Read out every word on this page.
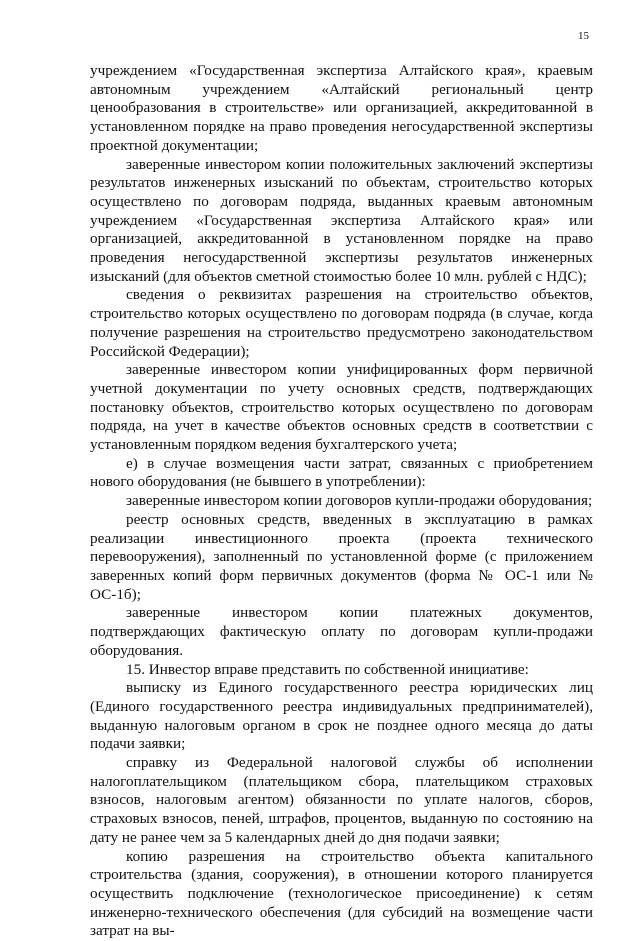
15

учреждением «Государственная экспертиза Алтайского края», краевым автономным учреждением «Алтайский региональный центр ценообразования в строительстве» или организацией, аккредитованной в установленном порядке на право проведения негосударственной экспертизы проектной документации;

заверенные инвестором копии положительных заключений экспертизы результатов инженерных изысканий по объектам, строительство которых осуществлено по договорам подряда, выданных краевым автономным учреждением «Государственная экспертиза Алтайского края» или организацией, аккредитованной в установленном порядке на право проведения негосударственной экспертизы результатов инженерных изысканий (для объектов сметной стоимостью более 10 млн. рублей с НДС);

сведения о реквизитах разрешения на строительство объектов, строительство которых осуществлено по договорам подряда (в случае, когда получение разрешения на строительство предусмотрено законодательством Российской Федерации);

заверенные инвестором копии унифицированных форм первичной учетной документации по учету основных средств, подтверждающих постановку объектов, строительство которых осуществлено по договорам подряда, на учет в качестве объектов основных средств в соответствии с установленным порядком ведения бухгалтерского учета;

е) в случае возмещения части затрат, связанных с приобретением нового оборудования (не бывшего в употреблении):

заверенные инвестором копии договоров купли-продажи оборудования;

реестр основных средств, введенных в эксплуатацию в рамках реализации инвестиционного проекта (проекта технического перевооружения), заполненный по установленной форме (с приложением заверенных копий форм первичных документов (форма № ОС-1 или № ОС-1б);

заверенные инвестором копии платежных документов, подтверждающих фактическую оплату по договорам купли-продажи оборудования.

15. Инвестор вправе представить по собственной инициативе:

выписку из Единого государственного реестра юридических лиц (Единого государственного реестра индивидуальных предпринимателей), выданную налоговым органом в срок не позднее одного месяца до даты подачи заявки;

справку из Федеральной налоговой службы об исполнении налогоплательщиком (плательщиком сбора, плательщиком страховых взносов, налоговым агентом) обязанности по уплате налогов, сборов, страховых взносов, пеней, штрафов, процентов, выданную по состоянию на дату не ранее чем за 5 календарных дней до дня подачи заявки;

копию разрешения на строительство объекта капитального строительства (здания, сооружения), в отношении которого планируется осуществить подключение (технологическое присоединение) к сетям инженерно-технического обеспечения (для субсидий на возмещение части затрат на вы-
